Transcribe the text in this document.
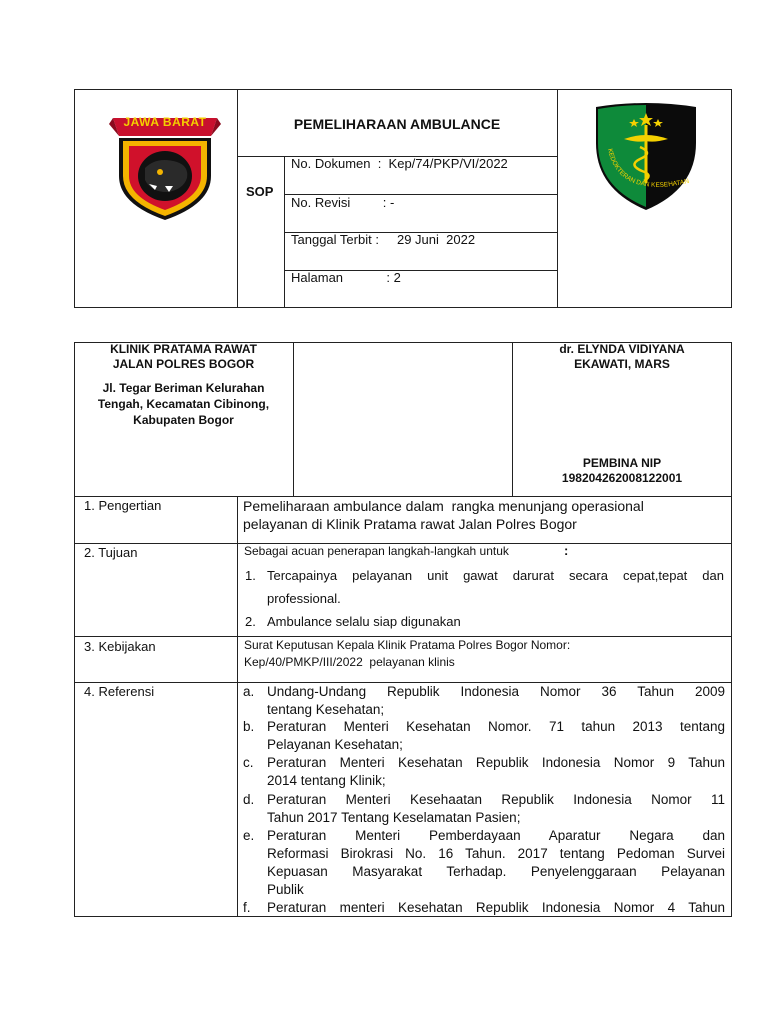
JAWA BARAT	PEMELIHARAAN AMBULANCE
SOP
No. Dokumen  :  Kep/74/PKP/VI/2022
No. Revisi         : -
Tanggal Terbit :     29 Juni  2022
Halaman            : 2
KEDOKTERAN DAN KESEHATAN
KLINIK PRATAMA RAWAT
JALAN POLRES BOGOR
Jl. Tegar Beriman Kelurahan
Tengah, Kecamatan Cibinong,
Kabupaten Bogor
dr. ELYNDA VIDIYANA
EKAWATI, MARS
PEMBINA NIP
198204262008122001
1. Pengertian	Pemeliharaan ambulance dalam  rangka menunjang operasional
pelayanan di Klinik Pratama rawat Jalan Polres Bogor
2. Tujuan	Sebagai acuan penerapan langkah-langkah untuk	:
1. Tercapainya pelayanan unit gawat darurat secara cepat,tepat dan
professional.
2. Ambulance selalu siap digunakan
3. Kebijakan	Surat Keputusan Kepala Klinik Pratama Polres Bogor Nomor:
Kep/40/PMKP/III/2022  pelayanan klinis
4. Referensi	a. Undang-Undang Republik Indonesia Nomor 36 Tahun 2009
tentang Kesehatan;
b. Peraturan Menteri Kesehatan Nomor. 71 tahun 2013 tentang
Pelayanan Kesehatan;
c. Peraturan Menteri Kesehatan Republik Indonesia Nomor 9 Tahun
2014 tentang Klinik;
d. Peraturan Menteri Kesehaatan Republik Indonesia Nomor 11
Tahun 2017 Tentang Keselamatan Pasien;
e. Peraturan Menteri Pemberdayaan Aparatur Negara dan
Reformasi Birokrasi No. 16 Tahun. 2017 tentang Pedoman Survei
Kepuasan Masyarakat Terhadap. Penyelenggaraan Pelayanan
Publik
f.	Peraturan menteri Kesehatan Republik Indonesia Nomor 4 Tahun
